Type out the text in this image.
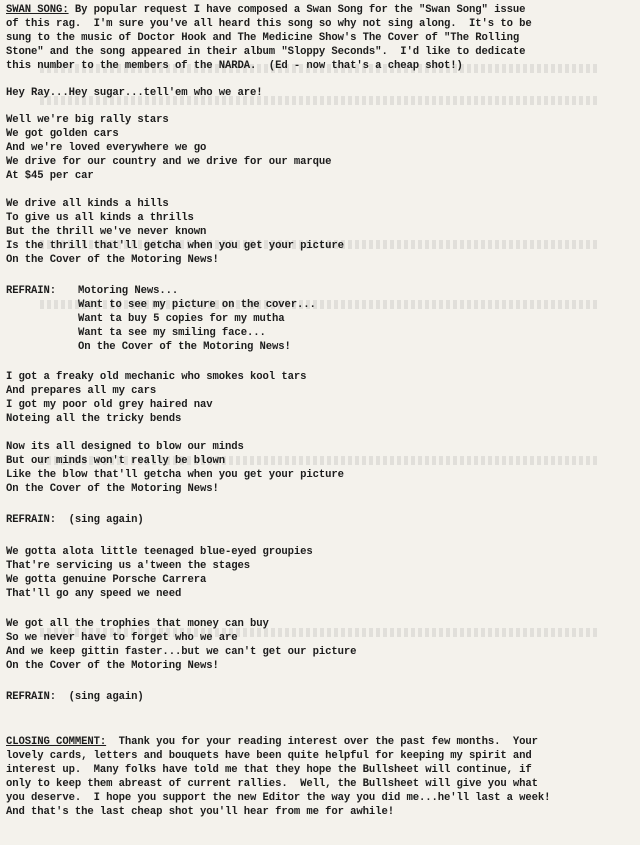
SWAN SONG: By popular request I have composed a Swan Song for the "Swan Song" issue
of this rag.  I'm sure you've all heard this song so why not sing along.  It's to be
sung to the music of Doctor Hook and The Medicine Show's The Cover of "The Rolling
Stone" and the song appeared in their album "Sloppy Seconds".  I'd like to dedicate
this number to the members of the NARDA.  (Ed - now that's a cheap shot!)
Hey Ray...Hey sugar...tell'em who we are!
Well we're big rally stars
We got golden cars
And we're loved everywhere we go
We drive for our country and we drive for our marque
At $45 per car
We drive all kinds a hills
To give us all kinds a thrills
But the thrill we've never known
Is the thrill that'll getcha when you get your picture
On the Cover of the Motoring News!
REFRAIN:	Motoring News...
Want to see my picture on the cover...
Want ta buy 5 copies for my mutha
Want ta see my smiling face...
On the Cover of the Motoring News!
I got a freaky old mechanic who smokes kool tars
And prepares all my cars
I got my poor old grey haired nav
Noteing all the tricky bends
Now its all designed to blow our minds
But our minds won't really be blown
Like the blow that'll getcha when you get your picture
On the Cover of the Motoring News!
REFRAIN:  (sing again)
We gotta alota little teenaged blue-eyed groupies
That're servicing us a'tween the stages
We gotta genuine Porsche Carrera
That'll go any speed we need
We got all the trophies that money can buy
So we never have to forget who we are
And we keep gittin faster...but we can't get our picture
On the Cover of the Motoring News!
REFRAIN:  (sing again)
CLOSING COMMENT:  Thank you for your reading interest over the past few months.  Your
lovely cards, letters and bouquets have been quite helpful for keeping my spirit and
interest up.  Many folks have told me that they hope the Bullsheet will continue, if
only to keep them abreast of current rallies.  Well, the Bullsheet will give you what
you deserve.  I hope you support the new Editor the way you did me...he'll last a week!
And that's the last cheap shot you'll hear from me for awhile!
